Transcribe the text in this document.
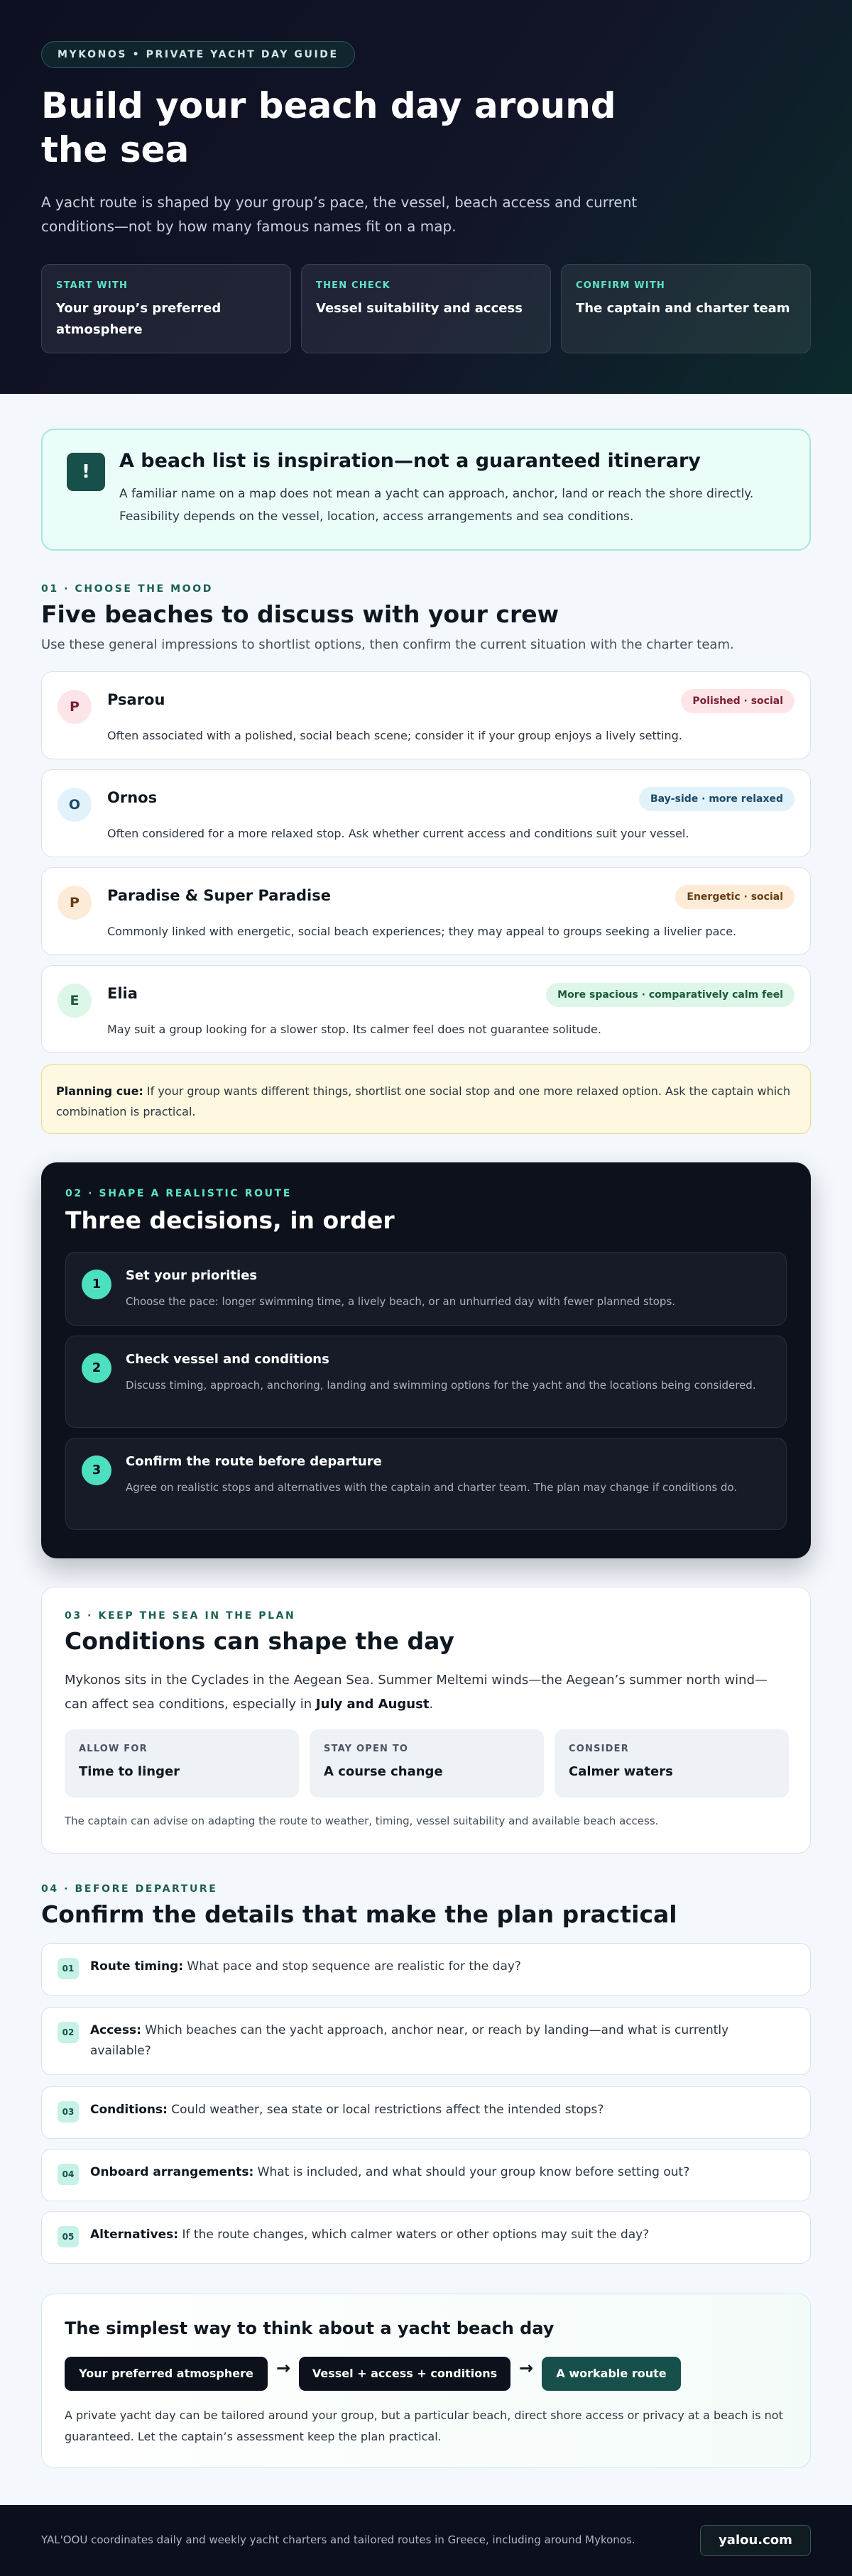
MYKONOS • PRIVATE YACHT DAY GUIDE
Build your beach day around the sea

A yacht route is shaped by your group’s pace, the vessel, beach access and current conditions—not by how many famous names fit on a map.

START WITH
Your group’s preferred atmosphere
THEN CHECK
Vessel suitability and access
CONFIRM WITH
The captain and charter team
!	A beach list is inspiration—not a guaranteed itinerary

A familiar name on a map does not mean a yacht can approach, anchor, land or reach the shore directly. Feasibility depends on the vessel, location, access arrangements and sea conditions.

01 · CHOOSE THE MOOD
Five beaches to discuss with your crew

Use these general impressions to shortlist options, then confirm the current situation with the charter team.

P	Psarou	Polished · social
Often associated with a polished, social beach scene; consider it if your group enjoys a lively setting.
O	Ornos	Bay-side · more relaxed
Often considered for a more relaxed stop. Ask whether current access and conditions suit your vessel.
P	Paradise & Super Paradise	Energetic · social
Commonly linked with energetic, social beach experiences; they may appeal to groups seeking a livelier pace.
E	Elia	More spacious · comparatively calm feel
May suit a group looking for a slower stop. Its calmer feel does not guarantee solitude.
Planning cue: If your group wants different things, shortlist one social stop and one more relaxed option. Ask the captain which combination is practical.
02 · SHAPE A REALISTIC ROUTE
Three decisions, in order
1
Set your priorities
Choose the pace: longer swimming time, a lively beach, or an unhurried day with fewer planned stops.
2
Check vessel and conditions
Discuss timing, approach, anchoring, landing and swimming options for the yacht and the locations being considered.
3
Confirm the route before departure
Agree on realistic stops and alternatives with the captain and charter team. The plan may change if conditions do.
03 · KEEP THE SEA IN THE PLAN
Conditions can shape the day

Mykonos sits in the Cyclades in the Aegean Sea. Summer Meltemi winds—the Aegean’s summer north wind—can affect sea conditions, especially in July and August.

ALLOW FOR
Time to linger
STAY OPEN TO
A course change
CONSIDER
Calmer waters

The captain can advise on adapting the route to weather, timing, vessel suitability and available beach access.

04 · BEFORE DEPARTURE
Confirm the details that make the plan practical
01	Route timing: What pace and stop sequence are realistic for the day?
02	Access: Which beaches can the yacht approach, anchor near, or reach by landing—and what is currently available?
03	Conditions: Could weather, sea state or local restrictions affect the intended stops?
04	Onboard arrangements: What is included, and what should your group know before setting out?
05	Alternatives: If the route changes, which calmer waters or other options may suit the day?
The simplest way to think about a yacht beach day
Your preferred atmosphere	→	Vessel + access + conditions	→	A workable route

A private yacht day can be tailored around your group, but a particular beach, direct shore access or privacy at a beach is not guaranteed. Let the captain’s assessment keep the plan practical.

YAL'OOU coordinates daily and weekly yacht charters and tailored routes in Greece, including around Mykonos.	yalou.com
